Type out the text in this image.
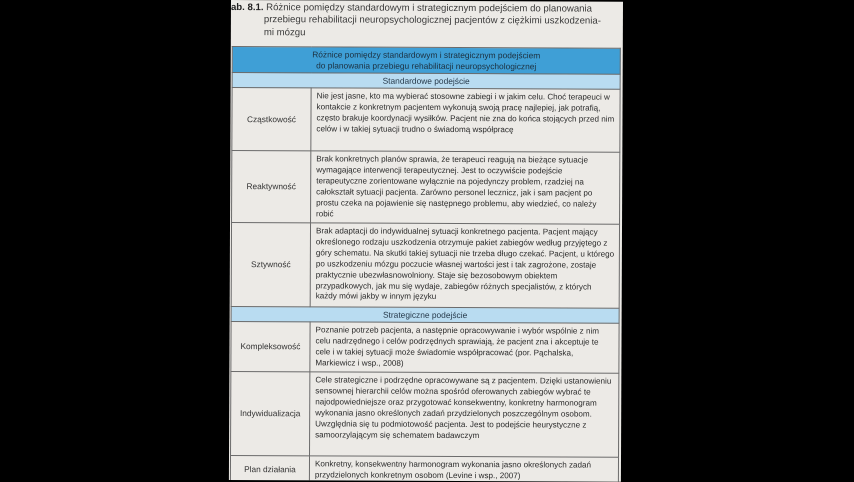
ab. 8.1. Różnice pomiędzy standardowym i strategicznym podejściem do planowania
przebiegu rehabilitacji neuropsychologicznej pacjentów z ciężkimi uszkodzenia-
mi mózgu
Różnice pomiędzy standardowym i strategicznym podejściem
do planowania przebiegu rehabilitacji neuropsychologicznej	
Standardowe podejście	
Cząstkowość	Nie jest jasne, kto ma wybierać stosowne zabiegi i w jakim celu. Choć terapeuci w kontakcie z konkretnym pacjentem wykonują swoją pracę najlepiej, jak potrafią, często brakuje koordynacji wysiłków. Pacjent nie zna do końca stojących przed nim celów i w takiej sytuacji trudno o świadomą współpracę
Reaktywność	Brak konkretnych planów sprawia, że terapeuci reagują na bieżące sytuacje wymagające interwencji terapeutycznej. Jest to oczywiście podejście terapeutyczne zorientowane wyłącznie na pojedynczy problem, rzadziej na całokształt sytuacji pacjenta. Zarówno personel lecznicz, jak i sam pacjent po prostu czeka na pojawienie się następnego problemu, aby wiedzieć, co należy robić
Sztywność	Brak adaptacji do indywidualnej sytuacji konkretnego pacjenta. Pacjent mający określonego rodzaju uszkodzenia otrzymuje pakiet zabiegów według przyjętego z góry schematu. Na skutki takiej sytuacji nie trzeba długo czekać. Pacjent, u którego po uszkodzeniu mózgu poczucie własnej wartości jest i tak zagrożone, zostaje praktycznie ubezwłasnowolniony. Staje się bezosobowym obiektem przypadkowych, jak mu się wydaje, zabiegów różnych specjalistów, z których każdy mówi jakby w innym języku
Strategiczne podejście	
Kompleksowość	Poznanie potrzeb pacjenta, a następnie opracowywanie i wybór wspólnie z nim celu nadrzędnego i celów podrzędnych sprawiają, że pacjent zna i akceptuje te cele i w takiej sytuacji może świadomie współpracować (por. Pąchalska, Markiewicz i wsp., 2008)
Indywidualizacja	Cele strategiczne i podrzędne opracowywane są z pacjentem. Dzięki ustanowieniu sensownej hierarchii celów można spośród oferowanych zabiegów wybrać te najodpowiedniejsze oraz przygotować konsekwentny, konkretny harmonogram wykonania jasno określonych zadań przydzielonych poszczególnym osobom. Uwzględnia się tu podmiotowość pacjenta. Jest to podejście heurystyczne z samoorzylającym się schematem badawczym
Plan działania	Konkretny, konsekwentny harmonogram wykonania jasno określonych zadań przydzielonych konkretnym osobom (Levine i wsp., 2007)
